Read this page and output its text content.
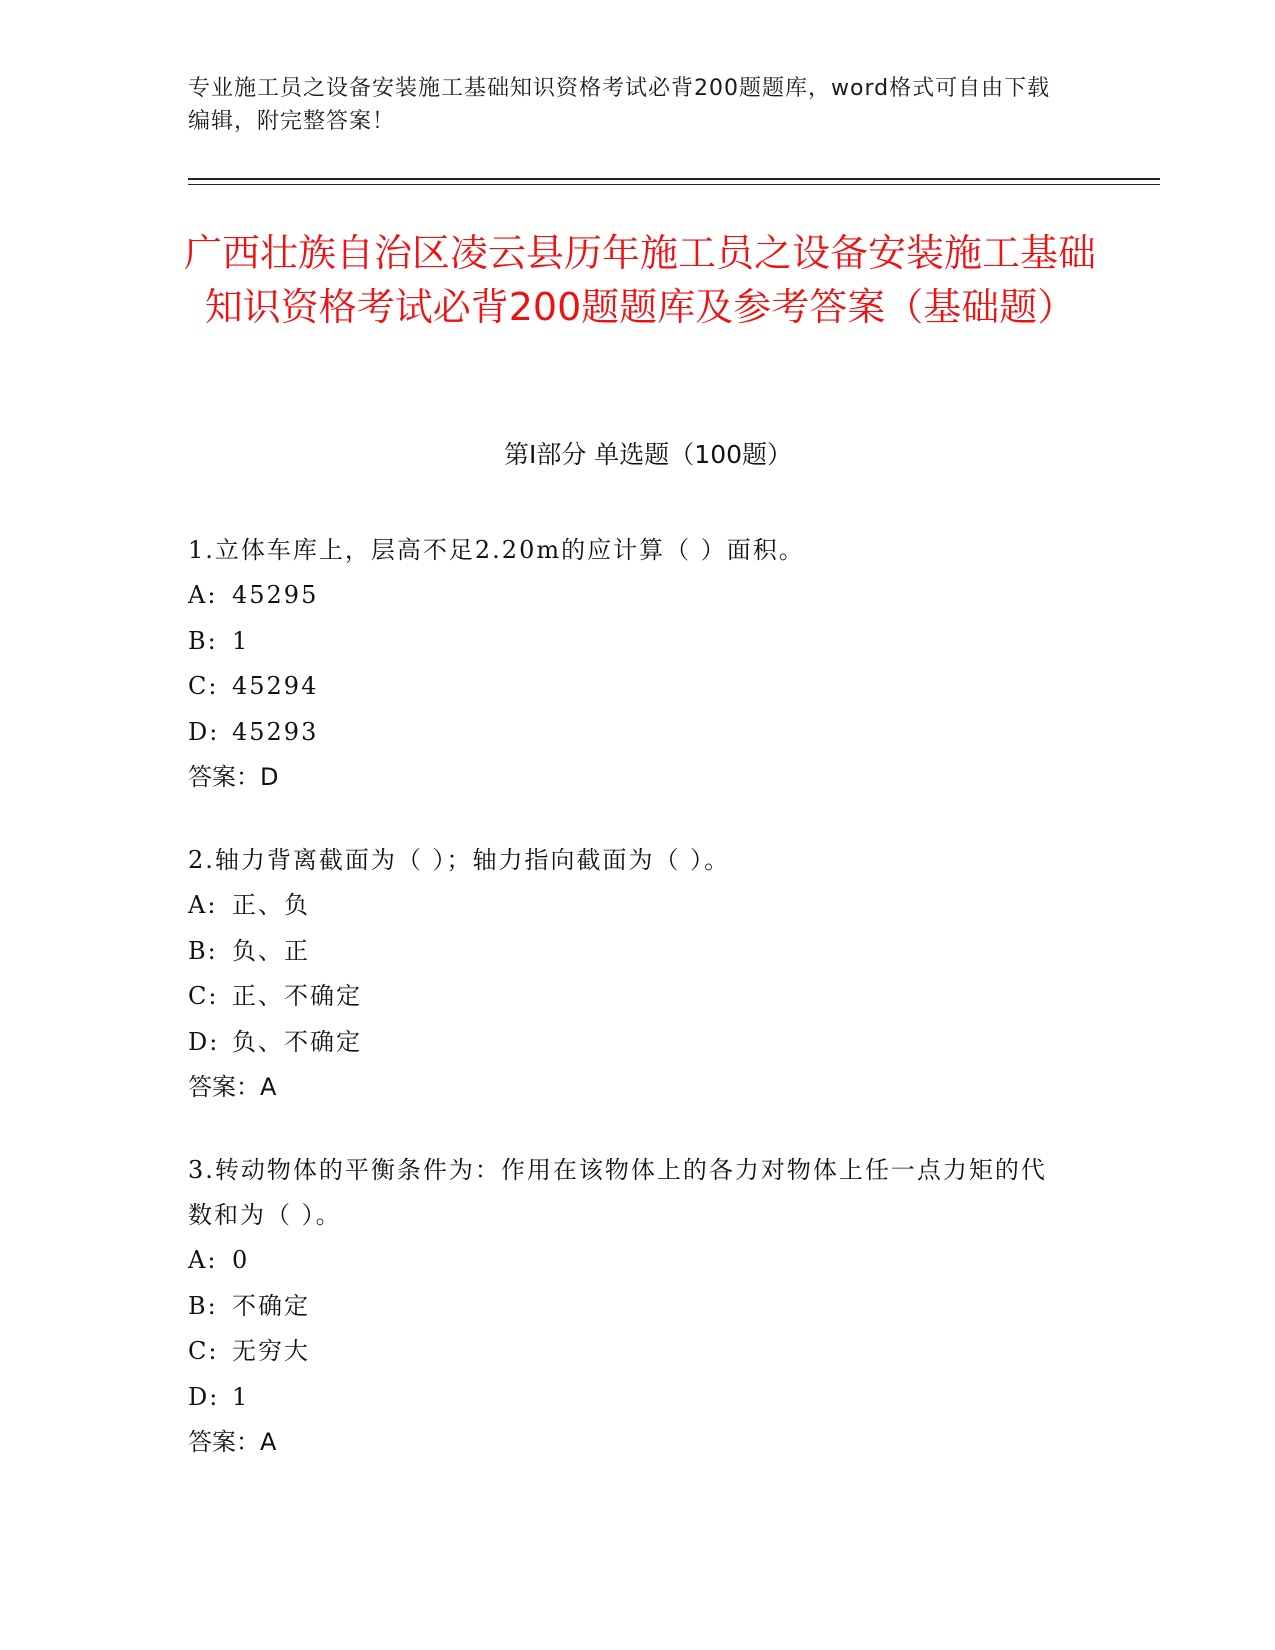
专业施工员之设备安装施工基础知识资格考试必背200题题库，word格式可自由下载编辑，附完整答案！
广西壮族自治区凌云县历年施工员之设备安装施工基础知识资格考试必背200题题库及参考答案（基础题）
第Ⅰ部分 单选题（100题）
1.立体车库上，层高不足2.20m的应计算（ ）面积。
A: 45295
B: 1
C: 45294
D: 45293
答案：D
2.轴力背离截面为（ ）；轴力指向截面为（ ）。
A: 正、负
B: 负、正
C: 正、不确定
D: 负、不确定
答案：A
3.转动物体的平衡条件为：作用在该物体上的各力对物体上任一点力矩的代数和为（ ）。
A: 0
B: 不确定
C: 无穷大
D: 1
答案：A
